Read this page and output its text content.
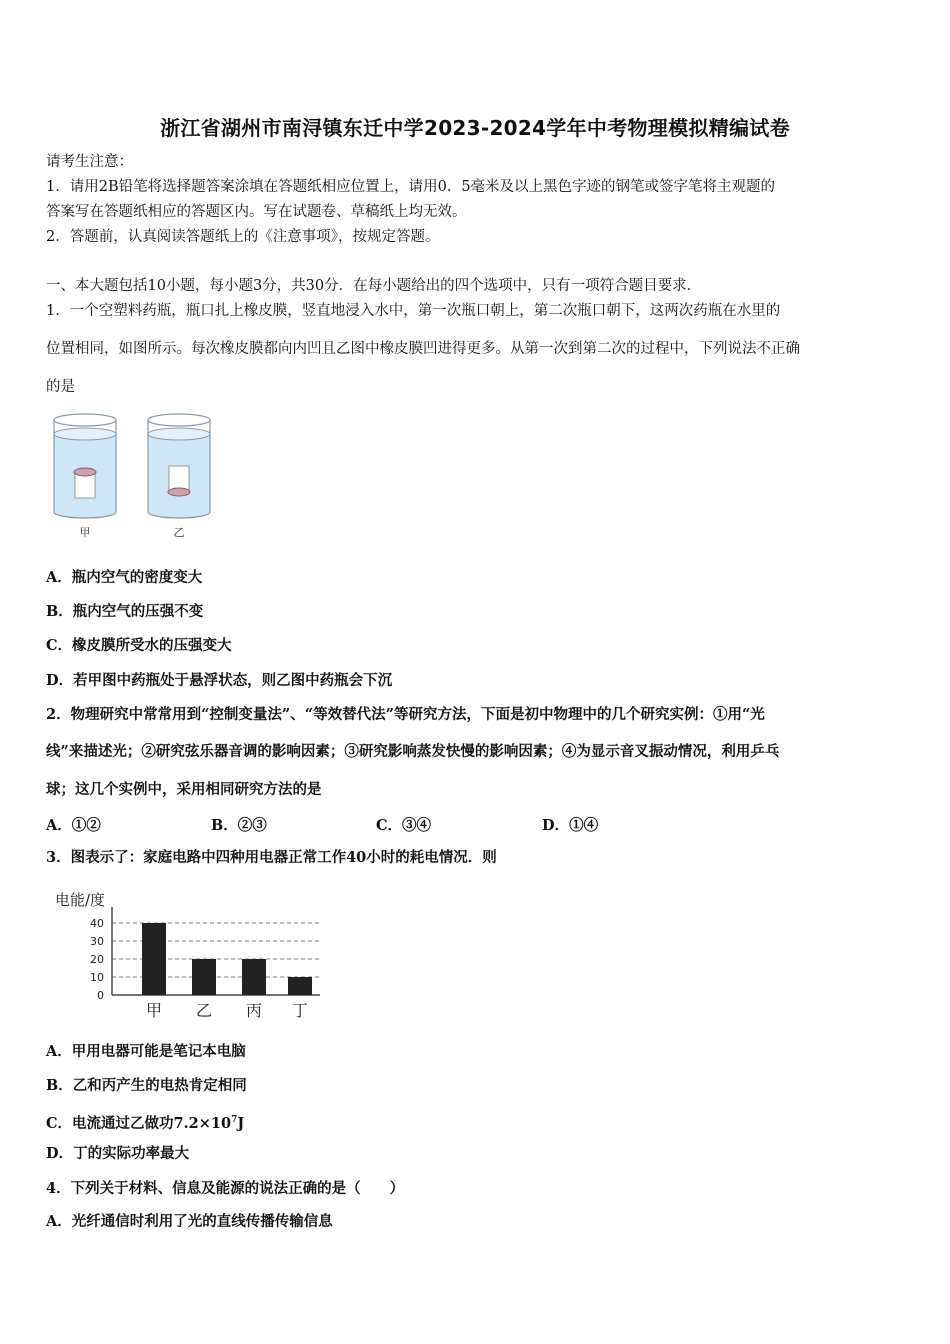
浙江省湖州市南浔镇东迁中学2023-2024学年中考物理模拟精编试卷
请考生注意：
1．请用2B铅笔将选择题答案涂填在答题纸相应位置上，请用0．5毫米及以上黑色字迹的钢笔或签字笔将主观题的
答案写在答题纸相应的答题区内。写在试题卷、草稿纸上均无效。
2．答题前，认真阅读答题纸上的《注意事项》，按规定答题。
一、本大题包括10小题，每小题3分，共30分．在每小题给出的四个选项中，只有一项符合题目要求．
1．一个空塑料药瓶，瓶口扎上橡皮膜，竖直地浸入水中，第一次瓶口朝上，第二次瓶口朝下，这两次药瓶在水里的
位置相同，如图所示。每次橡皮膜都向内凹且乙图中橡皮膜凹进得更多。从第一次到第二次的过程中，下列说法不正确
的是
甲	乙
A．瓶内空气的密度变大
B．瓶内空气的压强不变
C．橡皮膜所受水的压强变大
D．若甲图中药瓶处于悬浮状态，则乙图中药瓶会下沉
2．物理研究中常常用到“控制变量法”、“等效替代法”等研究方法，下面是初中物理中的几个研究实例：①用“光
线”来描述光；②研究弦乐器音调的影响因素；③研究影响蒸发快慢的影响因素；④为显示音叉振动情况，利用乒乓
球；这几个实例中，采用相同研究方法的是
A．①②	B．②③	C．③④	D．①④
3．图表示了：家庭电路中四种用电器正常工作40小时的耗电情况．则
电能/度
0
10
20
30
40
甲 乙 丙 丁
A．甲用电器可能是笔记本电脑
B．乙和丙产生的电热肯定相同
C．电流通过乙做功$7.2\times 10^7J$
D．丁的实际功率最大
4．下列关于材料、信息及能源的说法正确的是（　　）
A．光纤通信时利用了光的直线传播传输信息
